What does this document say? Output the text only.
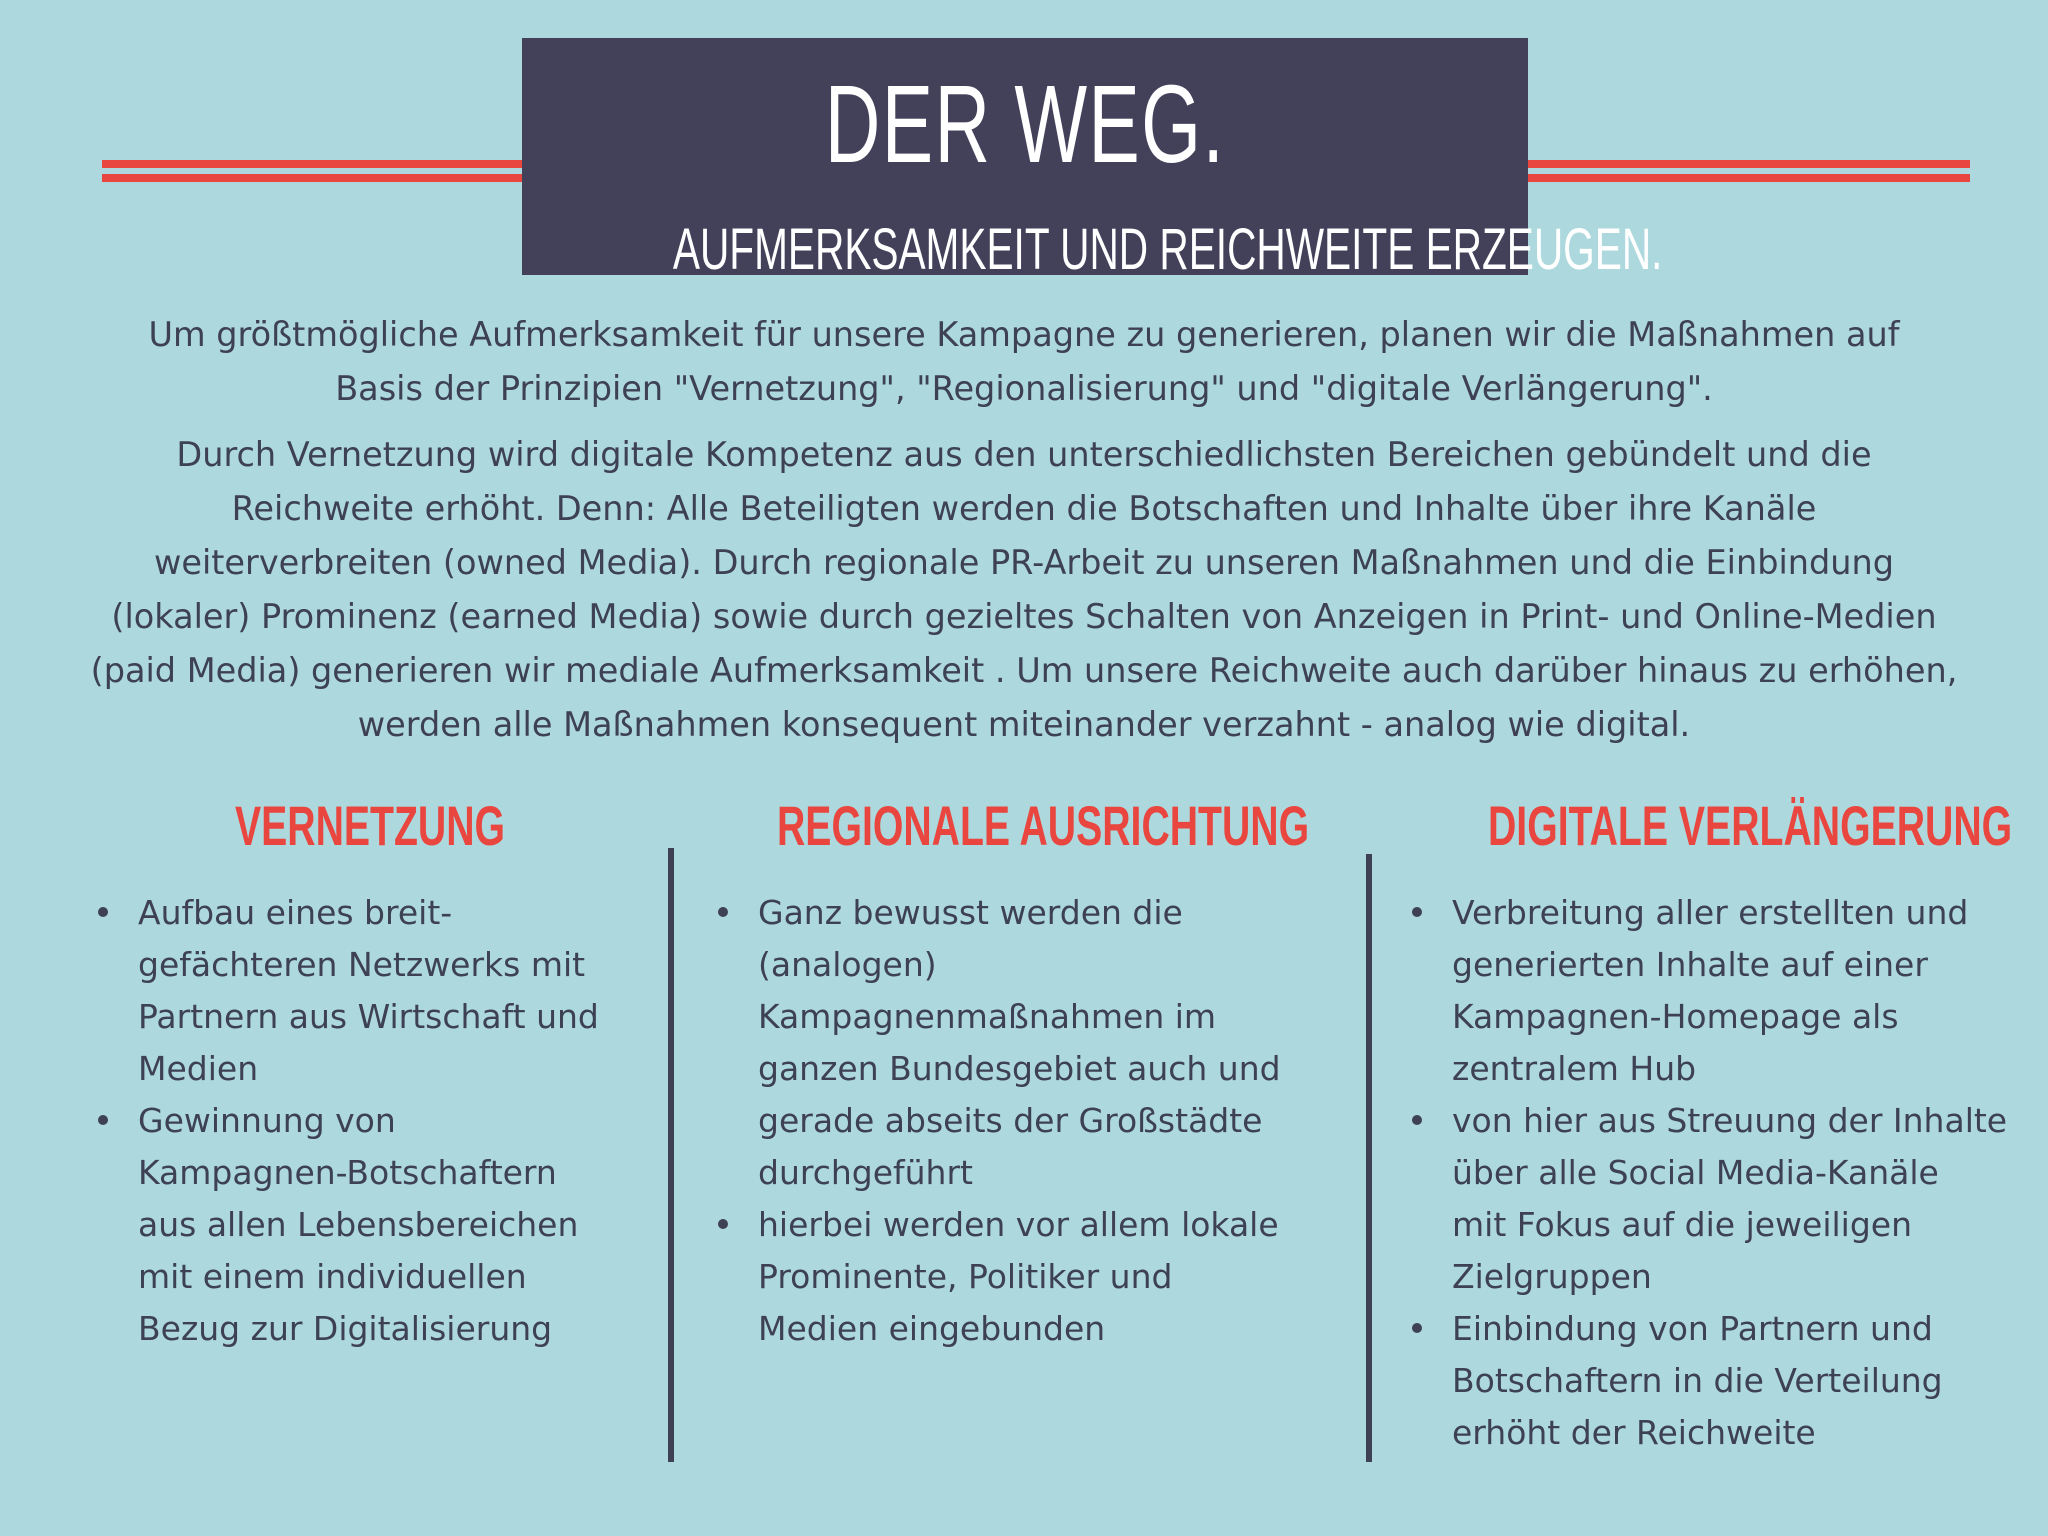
DER WEG.
AUFMERKSAMKEIT UND REICHWEITE ERZEUGEN.

Um größtmögliche Aufmerksamkeit für unsere Kampagne zu generieren, planen wir die Maßnahmen auf
Basis der Prinzipien "Vernetzung", "Regionalisierung" und "digitale Verlängerung".

Durch Vernetzung wird digitale Kompetenz aus den unterschiedlichsten Bereichen gebündelt und die
Reichweite erhöht. Denn: Alle Beteiligten werden die Botschaften und Inhalte über ihre Kanäle
weiterverbreiten (owned Media). Durch regionale PR-Arbeit zu unseren Maßnahmen und die Einbindung
(lokaler) Prominenz (earned Media) sowie durch gezieltes Schalten von Anzeigen in Print- und Online-Medien
(paid Media) generieren wir mediale Aufmerksamkeit . Um unsere Reichweite auch darüber hinaus zu erhöhen,
werden alle Maßnahmen konsequent miteinander verzahnt - analog wie digital.

VERNETZUNG
Aufbau eines breit-
gefächteren Netzwerks mit
Partnern aus Wirtschaft und
Medien
Gewinnung von
Kampagnen-Botschaftern
aus allen Lebensbereichen
mit einem individuellen
Bezug zur Digitalisierung
REGIONALE AUSRICHTUNG
Ganz bewusst werden die
(analogen)
Kampagnenmaßnahmen im
ganzen Bundesgebiet auch und
gerade abseits der Großstädte
durchgeführt
hierbei werden vor allem lokale
Prominente, Politiker und
Medien eingebunden
DIGITALE VERLÄNGERUNG
Verbreitung aller erstellten und
generierten Inhalte auf einer
Kampagnen-Homepage als
zentralem Hub
von hier aus Streuung der Inhalte
über alle Social Media-Kanäle
mit Fokus auf die jeweiligen
Zielgruppen
Einbindung von Partnern und
Botschaftern in die Verteilung
erhöht der Reichweite
